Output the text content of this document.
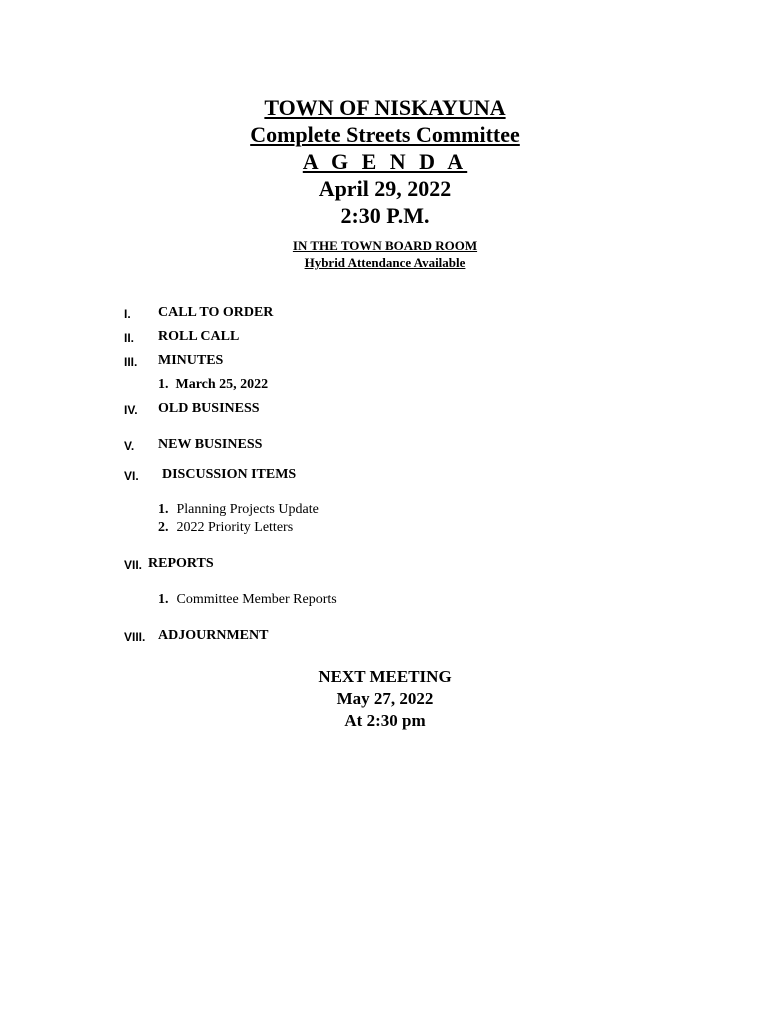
TOWN OF NISKAYUNA
Complete Streets Committee
A G E N D A
April 29, 2022
2:30 P.M.
IN THE TOWN BOARD ROOM
Hybrid Attendance Available
I. CALL TO ORDER
II. ROLL CALL
III. MINUTES
1. March 25, 2022
IV. OLD BUSINESS
V. NEW BUSINESS
VI. DISCUSSION ITEMS
1. Planning Projects Update
2. 2022 Priority Letters
VII. REPORTS
1. Committee Member Reports
VIII. ADJOURNMENT
NEXT MEETING
May 27, 2022
At 2:30 pm
